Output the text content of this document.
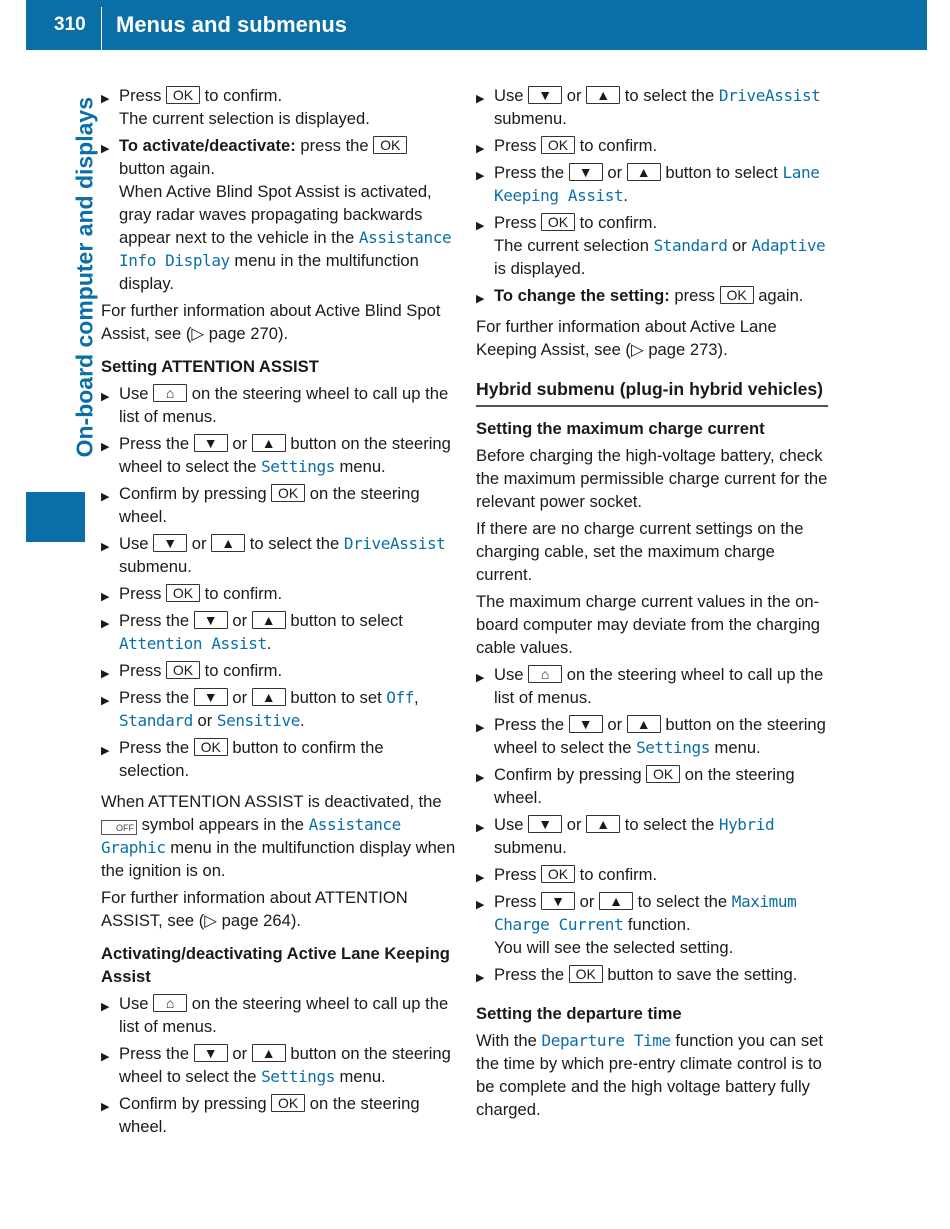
310 Menus and submenus
On-board computer and displays
▶ Press OK to confirm.
The current selection is displayed.
▶ To activate/deactivate: press the OK button again.
When Active Blind Spot Assist is activated, gray radar waves propagating backwards appear next to the vehicle in the Assistance Info Display menu in the multifunction display.

For further information about Active Blind Spot Assist, see (▷ page 270).

Setting ATTENTION ASSIST
▶ Use ⌂ on the steering wheel to call up the list of menus.
▶ Press the ▼ or ▲ button on the steering wheel to select the Settings menu.
▶ Confirm by pressing OK on the steering wheel.
▶ Use ▼ or ▲ to select the DriveAssist submenu.
▶ Press OK to confirm.
▶ Press the ▼ or ▲ button to select Attention Assist.
▶ Press OK to confirm.
▶ Press the ▼ or ▲ button to set Off, Standard or Sensitive.
▶ Press the OK button to confirm the selection.

When ATTENTION ASSIST is deactivated, the OFF symbol appears in the Assistance Graphic menu in the multifunction display when the ignition is on.

For further information about ATTENTION ASSIST, see (▷ page 264).

Activating/deactivating Active Lane Keeping Assist
▶ Use ⌂ on the steering wheel to call up the list of menus.
▶ Press the ▼ or ▲ button on the steering wheel to select the Settings menu.
▶ Confirm by pressing OK on the steering wheel.
▶ Use ▼ or ▲ to select the DriveAssist submenu.
▶ Press OK to confirm.
▶ Press the ▼ or ▲ button to select Lane Keeping Assist.
▶ Press OK to confirm.
The current selection Standard or Adaptive is displayed.
▶ To change the setting: press OK again.

For further information about Active Lane Keeping Assist, see (▷ page 273).

Hybrid submenu (plug-in hybrid vehicles)
Setting the maximum charge current

Before charging the high-voltage battery, check the maximum permissible charge current for the relevant power socket.

If there are no charge current settings on the charging cable, set the maximum charge current.

The maximum charge current values in the on-board computer may deviate from the charging cable values.

▶ Use ⌂ on the steering wheel to call up the list of menus.
▶ Press the ▼ or ▲ button on the steering wheel to select the Settings menu.
▶ Confirm by pressing OK on the steering wheel.
▶ Use ▼ or ▲ to select the Hybrid submenu.
▶ Press OK to confirm.
▶ Press ▼ or ▲ to select the Maximum Charge Current function.
You will see the selected setting.
▶ Press the OK button to save the setting.
Setting the departure time

With the Departure Time function you can set the time by which pre-entry climate control is to be complete and the high voltage battery fully charged.
